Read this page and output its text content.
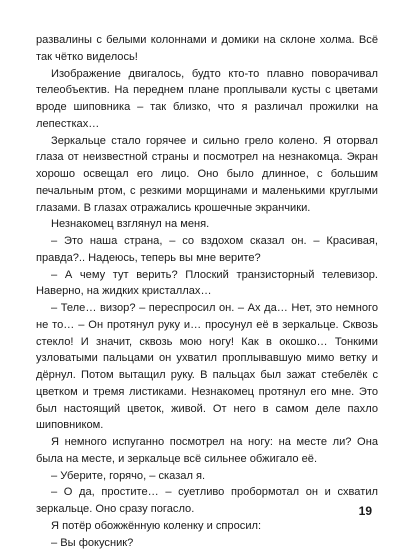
развалины с белыми колоннами и домики на склоне холма. Всё так чётко виделось!

Изображение двигалось, будто кто-то плавно поворачивал телеобъектив. На переднем плане проплывали кусты с цветами вроде шиповника – так близко, что я различал прожилки на лепестках…

Зеркальце стало горячее и сильно грело колено. Я оторвал глаза от неизвестной страны и посмотрел на незнакомца. Экран хорошо освещал его лицо. Оно было длинное, с большим печальным ртом, с резкими морщинами и маленькими круглыми глазами. В глазах отражались крошечные экранчики.

Незнакомец взглянул на меня.

– Это наша страна, – со вздохом сказал он. – Красивая, правда?.. Надеюсь, теперь вы мне верите?

– А чему тут верить? Плоский транзисторный телевизор. Наверно, на жидких кристаллах…

– Теле… визор? – переспросил он. – Ах да… Нет, это немного не то… – Он протянул руку и… просунул её в зеркальце. Сквозь стекло! И значит, сквозь мою ногу! Как в окошко… Тонкими узловатыми пальцами он ухватил проплывавшую мимо ветку и дёрнул. Потом вытащил руку. В пальцах был зажат стебелёк с цветком и тремя листиками. Незнакомец протянул его мне. Это был настоящий цветок, живой. От него в самом деле пахло шиповником.

Я немного испуганно посмотрел на ногу: на месте ли? Она была на месте, и зеркальце всё сильнее обжигало её.

– Уберите, горячо, – сказал я.

– О да, простите… – суетливо пробормотал он и схватил зеркальце. Оно сразу погасло.

Я потёр обожжённую коленку и спросил:

– Вы фокусник?

19
